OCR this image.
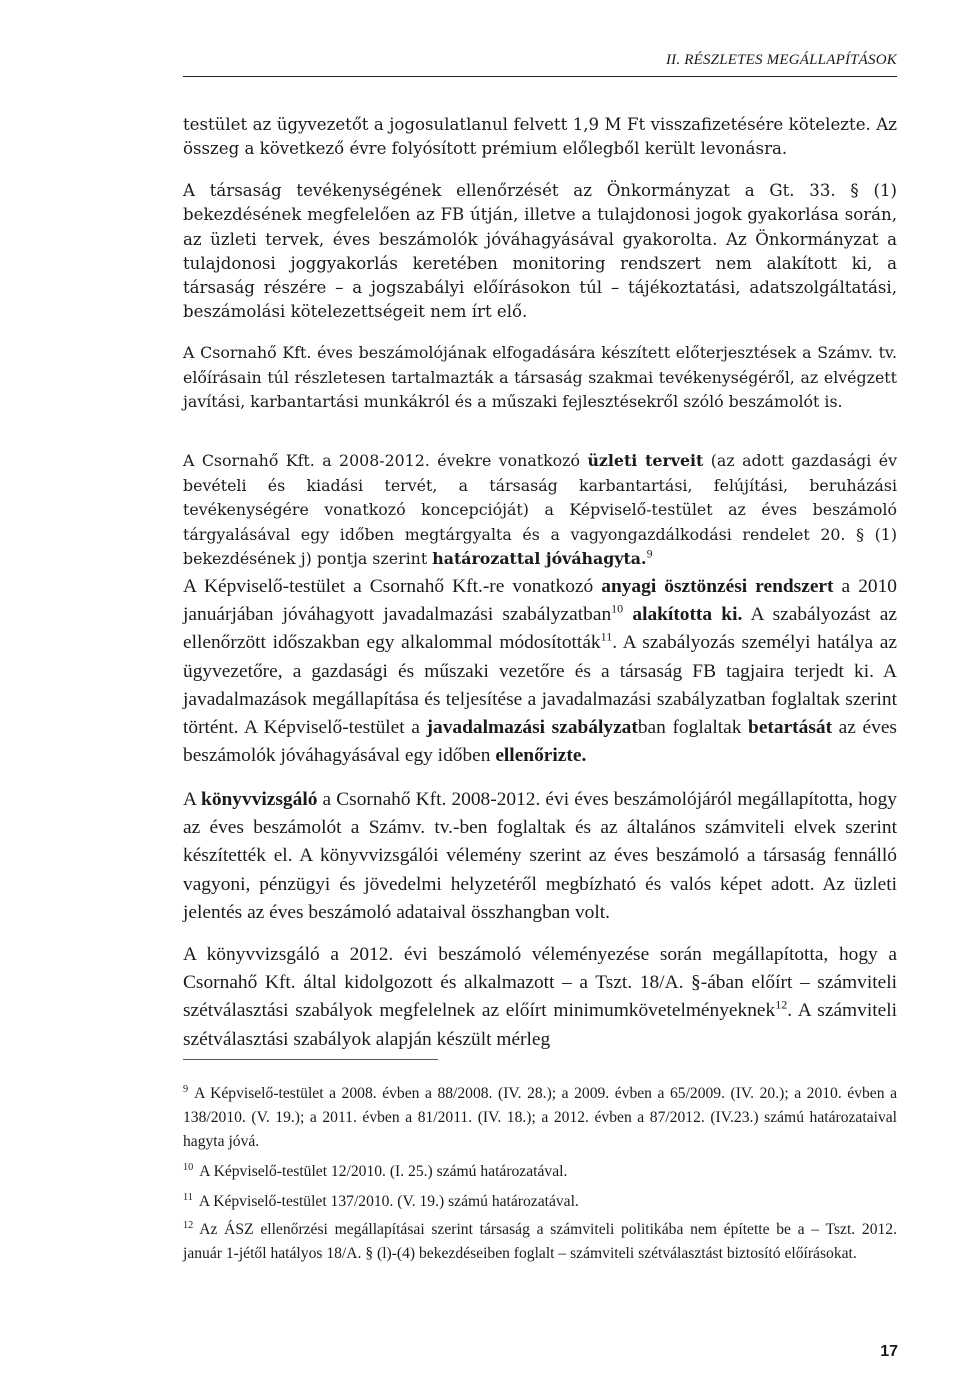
II. RÉSZLETES MEGÁLLAPÍTÁSOK

testület az ügyvezetőt a jogosulatlanul felvett 1,9 M Ft visszafizetésére kötelezte. Az összeg a következő évre folyósított prémium előlegből került levonásra.

A társaság tevékenységének ellenőrzését az Önkormányzat a Gt. 33. § (1) bekezdésének megfelelően az FB útján, illetve a tulajdonosi jogok gyakorlása során, az üzleti tervek, éves beszámolók jóváhagyásával gyakorolta. Az Önkormányzat a tulajdonosi joggyakorlás keretében monitoring rendszert nem alakított ki, a társaság részére – a jogszabályi előírásokon túl – tájékoztatási, adatszolgáltatási, beszámolási kötelezettségeit nem írt elő.

A Csornahő Kft. éves beszámolójának elfogadására készített előterjesztések a Számv. tv. előírásain túl részletesen tartalmazták a társaság szakmai tevékenységéről, az elvégzett javítási, karbantartási munkákról és a műszaki fejlesztésekről szóló beszámolót is.

A Csornahő Kft. a 2008-2012. évekre vonatkozó üzleti terveit (az adott gazdasági év bevételi és kiadási tervét, a társaság karbantartási, felújítási, beruházási tevékenységére vonatkozó koncepcióját) a Képviselő-testület az éves beszámoló tárgyalásával egy időben megtárgyalta és a vagyongazdálkodási rendelet 20. § (1) bekezdésének j) pontja szerint határozattal jóváhagyta.$^9$

A Képviselő-testület a Csornahő Kft.-re vonatkozó anyagi ösztönzési rendszert a 2010 januárjában jóváhagyott javadalmazási szabályzatban$^{10}$ alakította ki. A szabályozást az ellenőrzött időszakban egy alkalommal módosították$^{11}$. A szabályozás személyi hatálya az ügyvezetőre, a gazdasági és műszaki vezetőre és a társaság FB tagjaira terjedt ki. A javadalmazások megállapítása és teljesítése a javadalmazási szabályzatban foglaltak szerint történt. A Képviselő-testület a javadalmazási szabályzatban foglaltak betartását az éves beszámolók jóváhagyásával egy időben ellenőrizte.

A könyvvizsgáló a Csornahő Kft. 2008-2012. évi éves beszámolójáról megállapította, hogy az éves beszámolót a Számv. tv.-ben foglaltak és az általános számviteli elvek szerint készítették el. A könyvvizsgálói vélemény szerint az éves beszámoló a társaság fennálló vagyoni, pénzügyi és jövedelmi helyzetéről megbízható és valós képet adott. Az üzleti jelentés az éves beszámoló adataival összhangban volt.

A könyvvizsgáló a 2012. évi beszámoló véleményezése során megállapította, hogy a Csornahő Kft. által kidolgozott és alkalmazott – a Tszt. 18/A. §-ában előírt – számviteli szétválasztási szabályok megfelelnek az előírt minimumkövetelményeknek$^{12}$. A számviteli szétválasztási szabályok alapján készült mérleg

$^9$ A Képviselő-testület a 2008. évben a 88/2008. (IV. 28.); a 2009. évben a 65/2009. (IV. 20.); a 2010. évben a 138/2010. (V. 19.); a 2011. évben a 81/2011. (IV. 18.); a 2012. évben a 87/2012. (IV.23.) számú határozataival hagyta jóvá.

$^{10}$ A Képviselő-testület 12/2010. (I. 25.) számú határozatával.

$^{11}$ A Képviselő-testület 137/2010. (V. 19.) számú határozatával.

$^{12}$ Az ÁSZ ellenőrzési megállapításai szerint társaság a számviteli politikába nem építette be a – Tszt. 2012. január 1-jétől hatályos 18/A. § (l)-(4) bekezdéseiben foglalt – számviteli szétválasztást biztosító előírásokat.

17
